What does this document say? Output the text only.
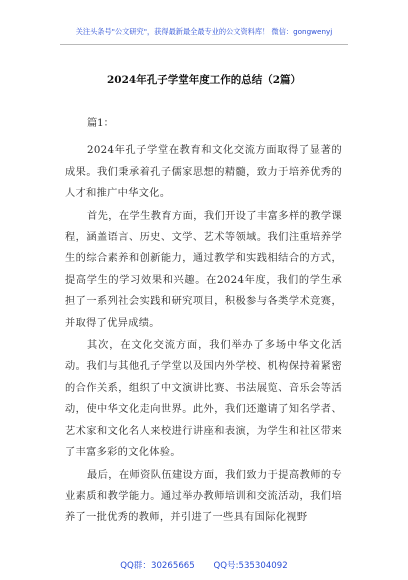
关注头条号"公文研究"，获得最新最全最专业的公文资料库！ 微信：gongwenyj
2024年孔子学堂年度工作的总结（2篇）

篇1：

2024年孔子学堂在教育和文化交流方面取得了显著的成果。我们秉承着孔子儒家思想的精髓，致力于培养优秀的人才和推广中华文化。

首先，在学生教育方面，我们开设了丰富多样的教学课程，涵盖语言、历史、文学、艺术等领域。我们注重培养学生的综合素养和创新能力，通过教学和实践相结合的方式，提高学生的学习效果和兴趣。在2024年度，我们的学生承担了一系列社会实践和研究项目，积极参与各类学术竞赛，并取得了优异成绩。

其次，在文化交流方面，我们举办了多场中华文化活动。我们与其他孔子学堂以及国内外学校、机构保持着紧密的合作关系，组织了中文演讲比赛、书法展览、音乐会等活动，使中华文化走向世界。此外，我们还邀请了知名学者、艺术家和文化名人来校进行讲座和表演，为学生和社区带来了丰富多彩的文化体验。

最后，在师资队伍建设方面，我们致力于提高教师的专业素质和教学能力。通过举办教师培训和交流活动，我们培养了一批优秀的教师，并引进了一些具有国际化视野

QQ群：30265665 QQ号:535304092
